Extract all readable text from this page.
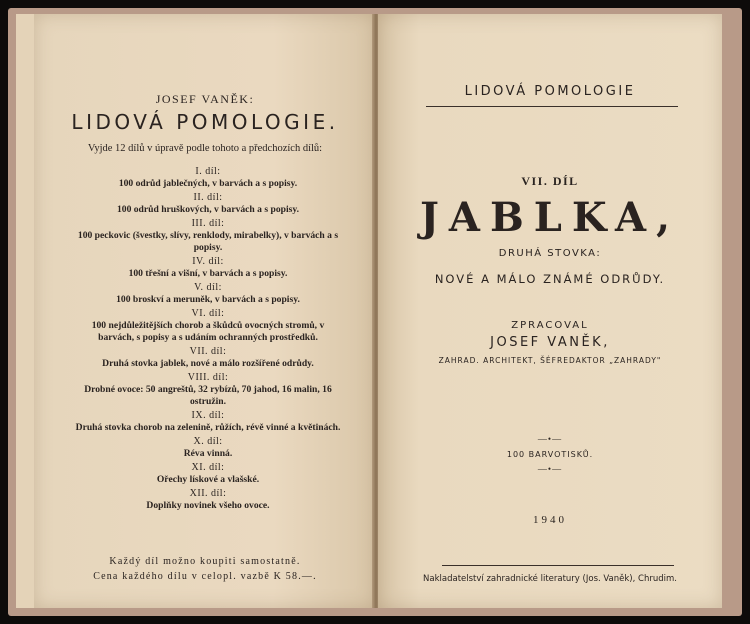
JOSEF VANĚK:
LIDOVÁ POMOLOGIE.
Vyjde 12 dílů v úpravě podle tohoto a předchozích dílů:
I. díl:
100 odrůd jablečných, v barvách a s popisy.
II. díl:
100 odrůd hruškových, v barvách a s popisy.
III. díl:
100 peckovic (švestky, slívy, renklody, mirabelky), v barvách a s popisy.
IV. díl:
100 třešní a višní, v barvách a s popisy.
V. díl:
100 broskví a meruněk, v barvách a s popisy.
VI. díl:
100 nejdůležitějších chorob a škůdců ovocných stromů, v barvách, s popisy a s udáním ochranných prostředků.
VII. díl:
Druhá stovka jablek, nové a málo rozšířené odrůdy.
VIII. díl:
Drobné ovoce: 50 angreštů, 32 rybízů, 70 jahod, 16 malin, 16 ostružin.
IX. díl:
Druhá stovka chorob na zelenině, růžích, révě vinné a květinách.
X. díl:
Réva vinná.
XI. díl:
Ořechy lískové a vlašské.
XII. díl:
Doplňky novinek všeho ovoce.
Každý díl možno koupiti samostatně.
Cena každého dílu v celopl. vazbě K 58.—.
LIDOVÁ POMOLOGIE
VII. DÍL
JABLKA,
DRUHÁ STOVKA:
NOVÉ A MÁLO ZNÁMÉ ODRŮDY.
ZPRACOVAL
JOSEF VANĚK,
ZAHRAD. ARCHITEKT, ŠÉFREDAKTOR „ZAHRADY"
—•—
100 BARVOTISKŮ.
—•—
1940
Nakladatelství zahradnické literatury (Jos. Vaněk), Chrudim.
